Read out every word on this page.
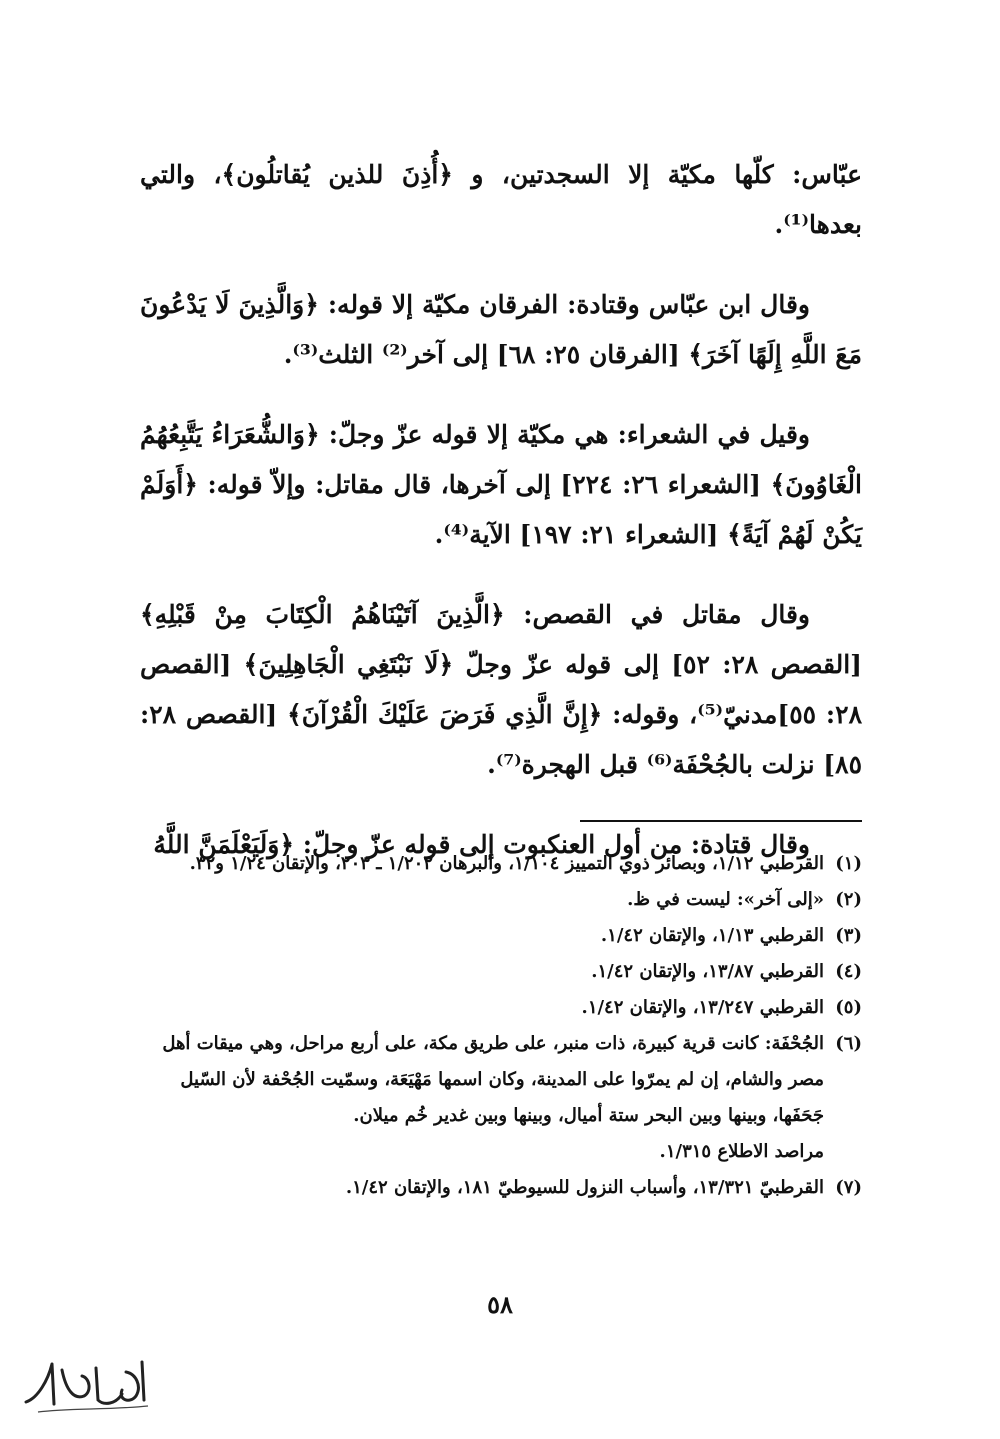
عبّاس: كلّها مكيّة إلا السجدتين، و ﴿أُذِنَ للذين يُقاتلُون﴾، والتي بعدها⁽¹⁾.

وقال ابن عبّاس وقتادة: الفرقان مكيّة إلا قوله: ﴿وَالَّذِينَ لَا يَدْعُونَ مَعَ اللَّهِ إِلَهًا آخَرَ﴾ [الفرقان ٢٥: ٦٨] إلى آخر⁽²⁾ الثلث⁽³⁾.

وقيل في الشعراء: هي مكيّة إلا قوله عزّ وجلّ: ﴿وَالشُّعَرَاءُ يَتَّبِعُهُمُ الْغَاوُونَ﴾ [الشعراء ٢٦: ٢٢٤] إلى آخرها، قال مقاتل: وإلاّ قوله: ﴿أَوَلَمْ يَكُنْ لَهُمْ آيَةً﴾ [الشعراء ٢١: ١٩٧] الآية⁽⁴⁾.

وقال مقاتل في القصص: ﴿الَّذِينَ آتَيْنَاهُمُ الْكِتَابَ مِنْ قَبْلِهِ﴾ [القصص ٢٨: ٥٢] إلى قوله عزّ وجلّ ﴿لَا نَبْتَغِي الْجَاهِلِينَ﴾ [القصص ٢٨: ٥٥]مدنيّ⁽⁵⁾، وقوله: ﴿إِنَّ الَّذِي فَرَضَ عَلَيْكَ الْقُرْآنَ﴾ [القصص ٢٨: ٨٥] نزلت بالجُحْفَة⁽⁶⁾ قبل الهجرة⁽⁷⁾.

وقال قتادة: من أول العنكبوت إلى قوله عزّ وجلّ: ﴿وَلَيَعْلَمَنَّ اللَّهُ

(١)
القرطبي ١/١٢، وبصائر ذوي التمييز ١/١٠٤، والبرهان ١/٢٠٢ ـ ٢٠٣، والإتقان ١/٢٤ و٣٢.
(٢)
«إلى آخر»: ليست في ظ.
(٣)
القرطبي ١/١٣، والإتقان ١/٤٢.
(٤)
القرطبي ١٣/٨٧، والإتقان ١/٤٢.
(٥)
القرطبي ١٣/٢٤٧، والإتقان ١/٤٢.
(٦)
الجُحْفَة: كانت قرية كبيرة، ذات منبر، على طريق مكة، على أربع مراحل، وهي ميقات أهل مصر والشام، إن لم يمرّوا على المدينة، وكان اسمها مَهْيَعَة، وسمّيت الجُحْفة لأن السّيل جَحَفَها، وبينها وبين البحر ستة أميال، وبينها وبين غدير خُم ميلان.
مراصد الاطلاع ١/٣١٥.
(٧)
القرطبيّ ١٣/٣٢١، وأسباب النزول للسيوطيّ ١٨١، والإتقان ١/٤٢.
٥٨
